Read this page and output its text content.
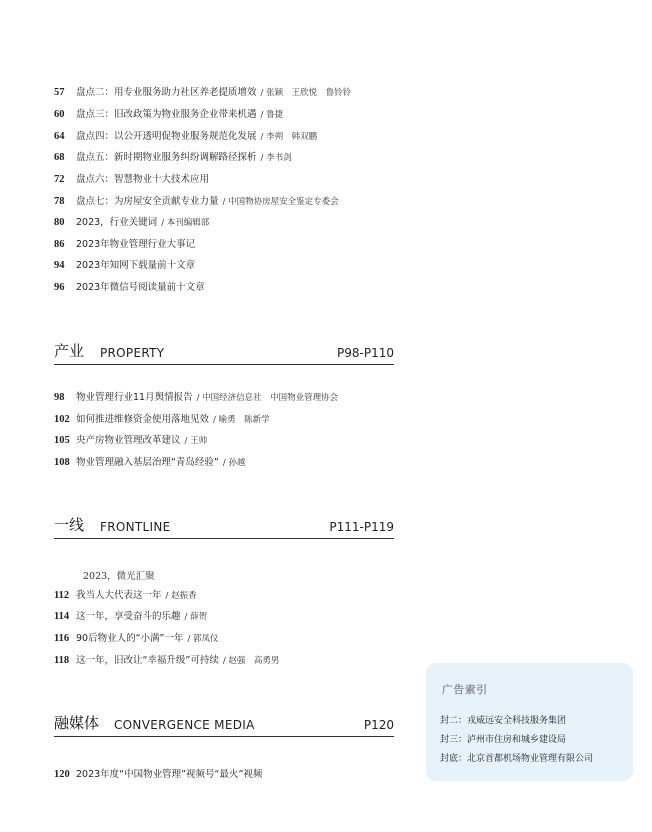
57 盘点二：用专业服务助力社区养老提质增效 / 张颖　王欣悦　鲁铃铃
60 盘点三：旧改政策为物业服务企业带来机遇 / 鲁捷
64 盘点四：以公开透明促物业服务规范化发展 / 李朔　韩双鹏
68 盘点五：新时期物业服务纠纷调解路径探析 / 李书剑
72 盘点六：智慧物业十大技术应用
78 盘点七：为房屋安全贡献专业力量 / 中国物协房屋安全鉴定专委会
80 2023，行业关键词 / 本刊编辑部
86 2023年物业管理行业大事记
94 2023年知网下载量前十文章
96 2023年微信号阅读量前十文章
产业 PROPERTY	P98-P110
98 物业管理行业11月舆情报告 / 中国经济信息社　中国物业管理协会
102 如何推进维修资金使用落地见效 / 喻勇　陈新学
105 央产房物业管理改革建议 / 王帅
108 物业管理融入基层治理“青岛经验” / 孙越
一线 FRONTLINE	P111-P119
2023，微光汇聚
112 我当人大代表这一年 / 赵振香
114 这一年，享受奋斗的乐趣 / 薛贺
116 90后物业人的“小满”一年 / 郭凤仪
118 这一年，旧改让“幸福升级”可持续 / 赵强　高勇男
融媒体 CONVERGENCE MEDIA	P120
120 2023年度“中国物业管理”视频号“最火”视频
广告索引
封二：戎威远安全科技服务集团
封三：泸州市住房和城乡建设局
封底：北京首都机场物业管理有限公司
